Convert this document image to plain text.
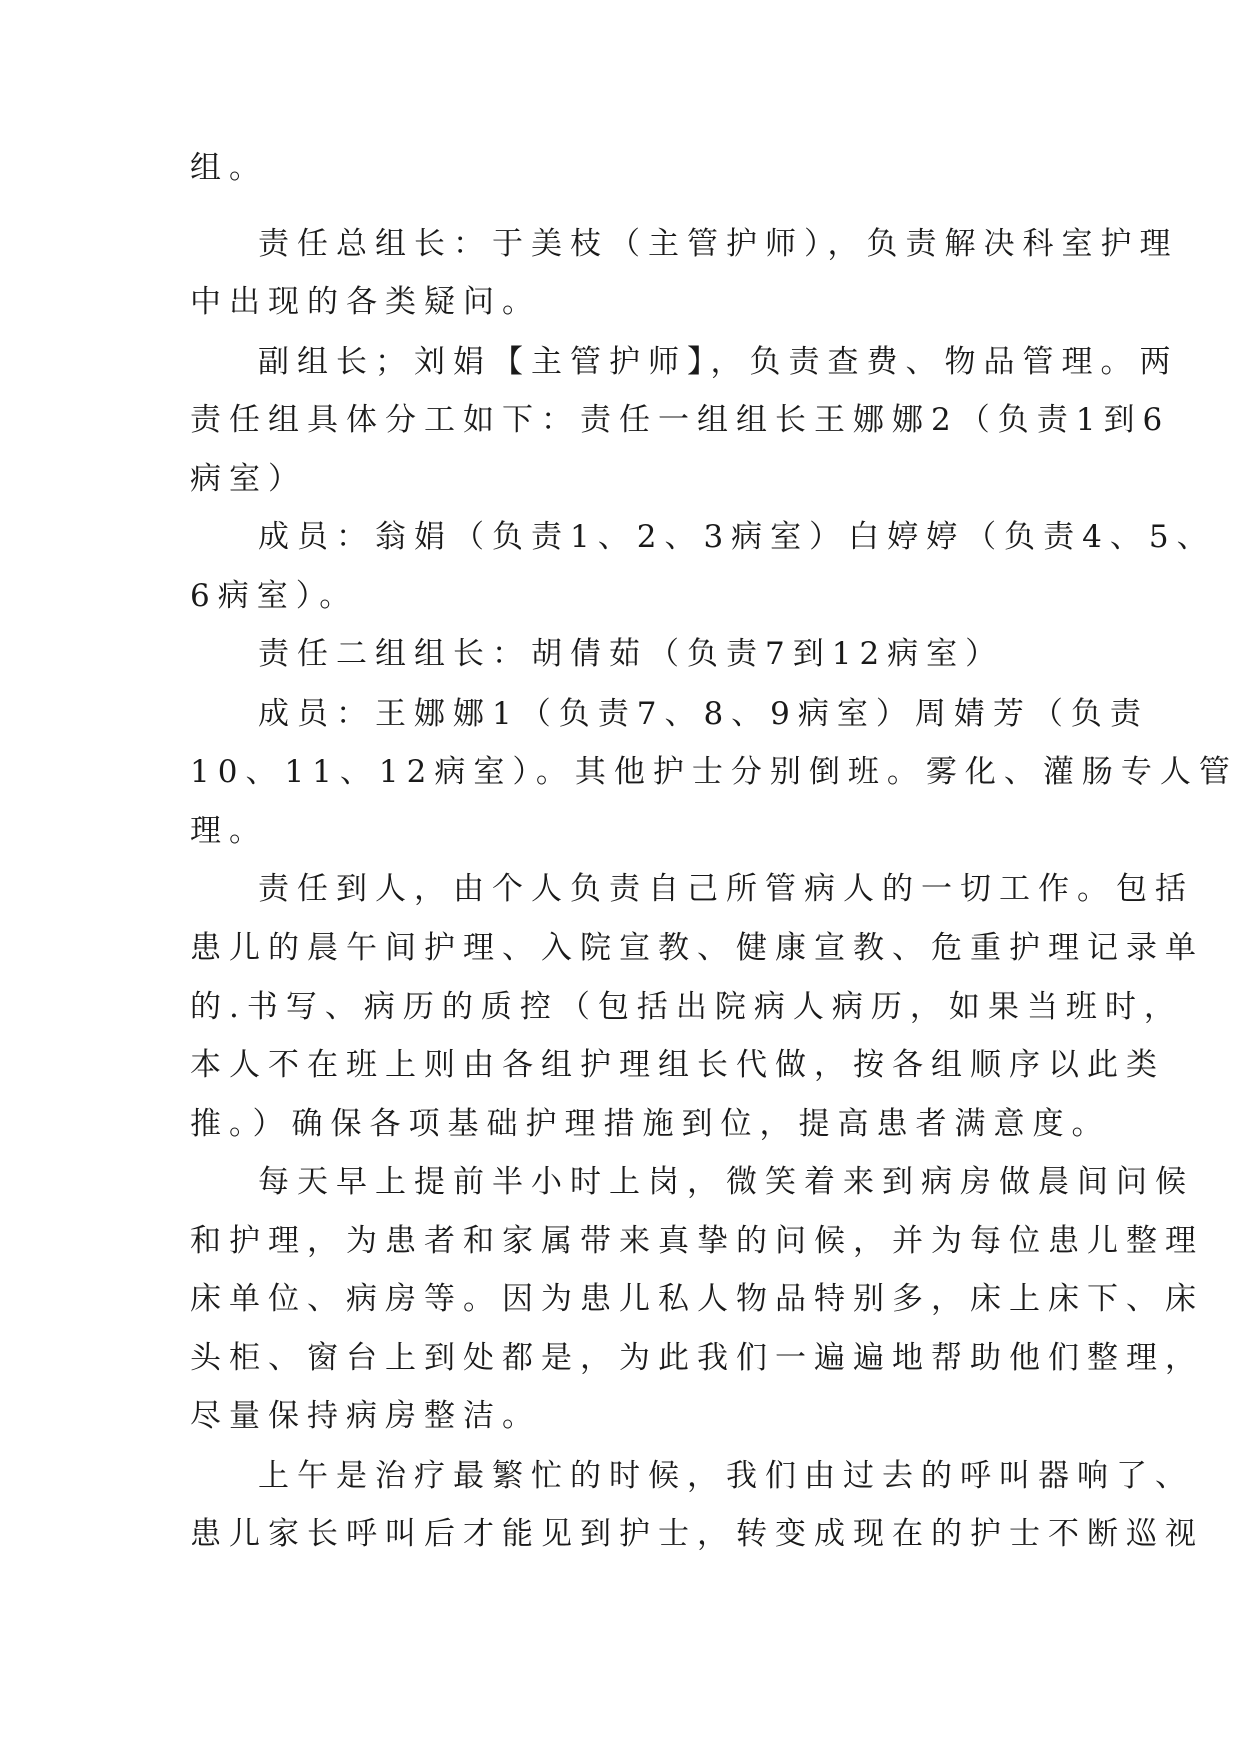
组。
责任总组长：于美枝（主管护师），负责解决科室护理
中出现的各类疑问。
副组长；刘娟【主管护师】，负责查费、物品管理。两
责任组具体分工如下：责任一组组长王娜娜2（负责1到6
病室）
成员：翁娟（负责1、2、3病室）白婷婷（负责4、5、
6病室）。
责任二组组长：胡倩茹（负责7到12病室）
成员：王娜娜1（负责7、8、9病室）周婧芳（负责
10、11、12病室）。其他护士分别倒班。雾化、灌肠专人管
理。
责任到人，由个人负责自己所管病人的一切工作。包括
患儿的晨午间护理、入院宣教、健康宣教、危重护理记录单
的.书写、病历的质控（包括出院病人病历，如果当班时，
本人不在班上则由各组护理组长代做，按各组顺序以此类
推。）确保各项基础护理措施到位，提高患者满意度。
每天早上提前半小时上岗，微笑着来到病房做晨间问候
和护理，为患者和家属带来真挚的问候，并为每位患儿整理
床单位、病房等。因为患儿私人物品特别多，床上床下、床
头柜、窗台上到处都是，为此我们一遍遍地帮助他们整理，
尽量保持病房整洁。
上午是治疗最繁忙的时候，我们由过去的呼叫器响了、
患儿家长呼叫后才能见到护士，转变成现在的护士不断巡视
